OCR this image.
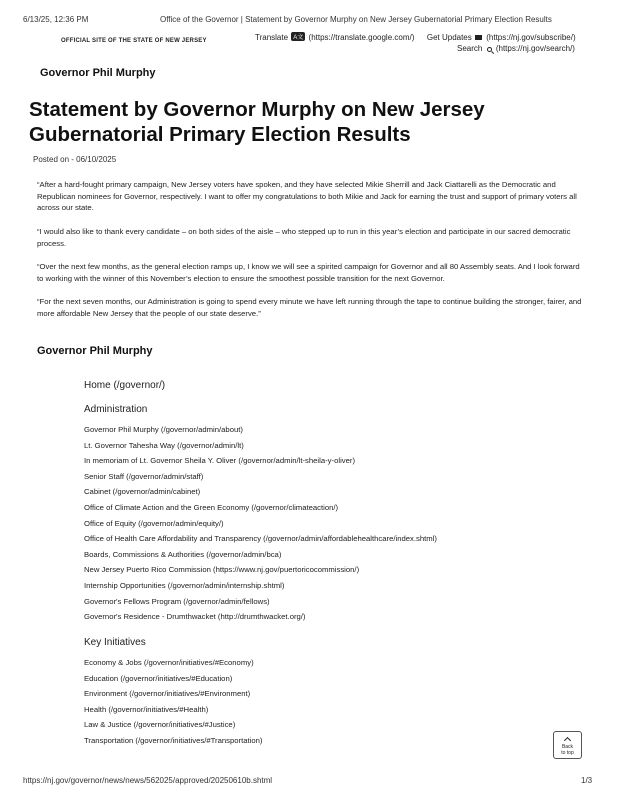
6/13/25, 12:36 PM	Office of the Governor | Statement by Governor Murphy on New Jersey Gubernatorial Primary Election Results
OFFICIAL SITE OF THE STATE OF NEW JERSEY	Translate A文 (https://translate.google.com/) Get Updates (https://nj.gov/subscribe/)
Search (https://nj.gov/search/)
Governor Phil Murphy
Statement by Governor Murphy on New Jersey Gubernatorial Primary Election Results
Posted on - 06/10/2025

“After a hard-fought primary campaign, New Jersey voters have spoken, and they have selected Mikie Sherrill and Jack Ciattarelli as the Democratic and Republican nominees for Governor, respectively. I want to offer my congratulations to both Mikie and Jack for earning the trust and support of primary voters all across our state.

“I would also like to thank every candidate – on both sides of the aisle – who stepped up to run in this year’s election and participate in our sacred democratic process.

“Over the next few months, as the general election ramps up, I know we will see a spirited campaign for Governor and all 80 Assembly seats. And I look forward to working with the winner of this November’s election to ensure the smoothest possible transition for the next Governor.

“For the next seven months, our Administration is going to spend every minute we have left running through the tape to continue building the stronger, fairer, and more affordable New Jersey that the people of our state deserve.”

Governor Phil Murphy
Home (/governor/)
Administration
Governor Phil Murphy (/governor/admin/about)
Lt. Governor Tahesha Way (/governor/admin/lt)
In memoriam of Lt. Governor Sheila Y. Oliver (/governor/admin/lt-sheila-y-oliver)
Senior Staff (/governor/admin/staff)
Cabinet (/governor/admin/cabinet)
Office of Climate Action and the Green Economy (/governor/climateaction/)
Office of Equity (/governor/admin/equity/)
Office of Health Care Affordability and Transparency (/governor/admin/affordablehealthcare/index.shtml)
Boards, Commissions & Authorities (/governor/admin/bca)
New Jersey Puerto Rico Commission (https://www.nj.gov/puertoricocommission/)
Internship Opportunities (/governor/admin/internship.shtml)
Governor's Fellows Program (/governor/admin/fellows)
Governor's Residence - Drumthwacket (http://drumthwacket.org/)
Key Initiatives
Economy & Jobs (/governor/initiatives/#Economy)
Education (/governor/initiatives/#Education)
Environment (/governor/initiatives/#Environment)
Health (/governor/initiatives/#Health)
Law & Justice (/governor/initiatives/#Justice)
Transportation (/governor/initiatives/#Transportation)
Back
to top
https://nj.gov/governor/news/news/562025/approved/20250610b.shtml	1/3
